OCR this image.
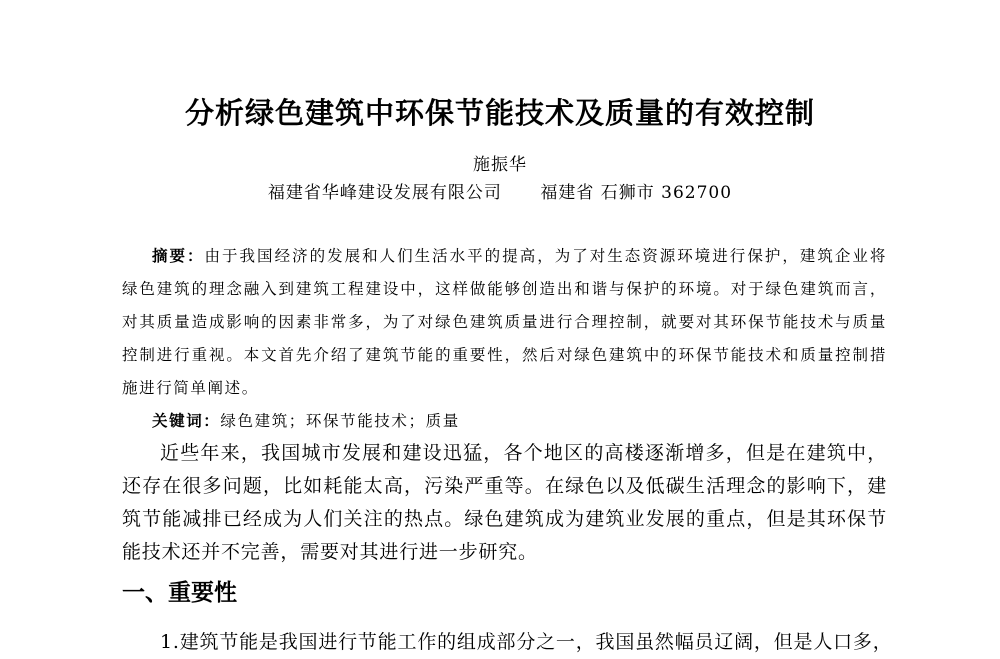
分析绿色建筑中环保节能技术及质量的有效控制
施振华
福建省华峰建设发展有限公司 福建省 石狮市 362700
摘要：由于我国经济的发展和人们生活水平的提高，为了对生态资源环境进行保护，建筑企业将绿色建筑的理念融入到建筑工程建设中，这样做能够创造出和谐与保护的环境。对于绿色建筑而言，对其质量造成影响的因素非常多，为了对绿色建筑质量进行合理控制，就要对其环保节能技术与质量控制进行重视。本文首先介绍了建筑节能的重要性，然后对绿色建筑中的环保节能技术和质量控制措施进行简单阐述。
关键词：绿色建筑；环保节能技术；质量
近些年来，我国城市发展和建设迅猛，各个地区的高楼逐渐增多，但是在建筑中，还存在很多问题，比如耗能太高，污染严重等。在绿色以及低碳生活理念的影响下，建筑节能减排已经成为人们关注的热点。绿色建筑成为建筑业发展的重点，但是其环保节能技术还并不完善，需要对其进行进一步研究。
一、重要性
1.建筑节能是我国进行节能工作的组成部分之一，我国虽然幅员辽阔，但是人口多，
